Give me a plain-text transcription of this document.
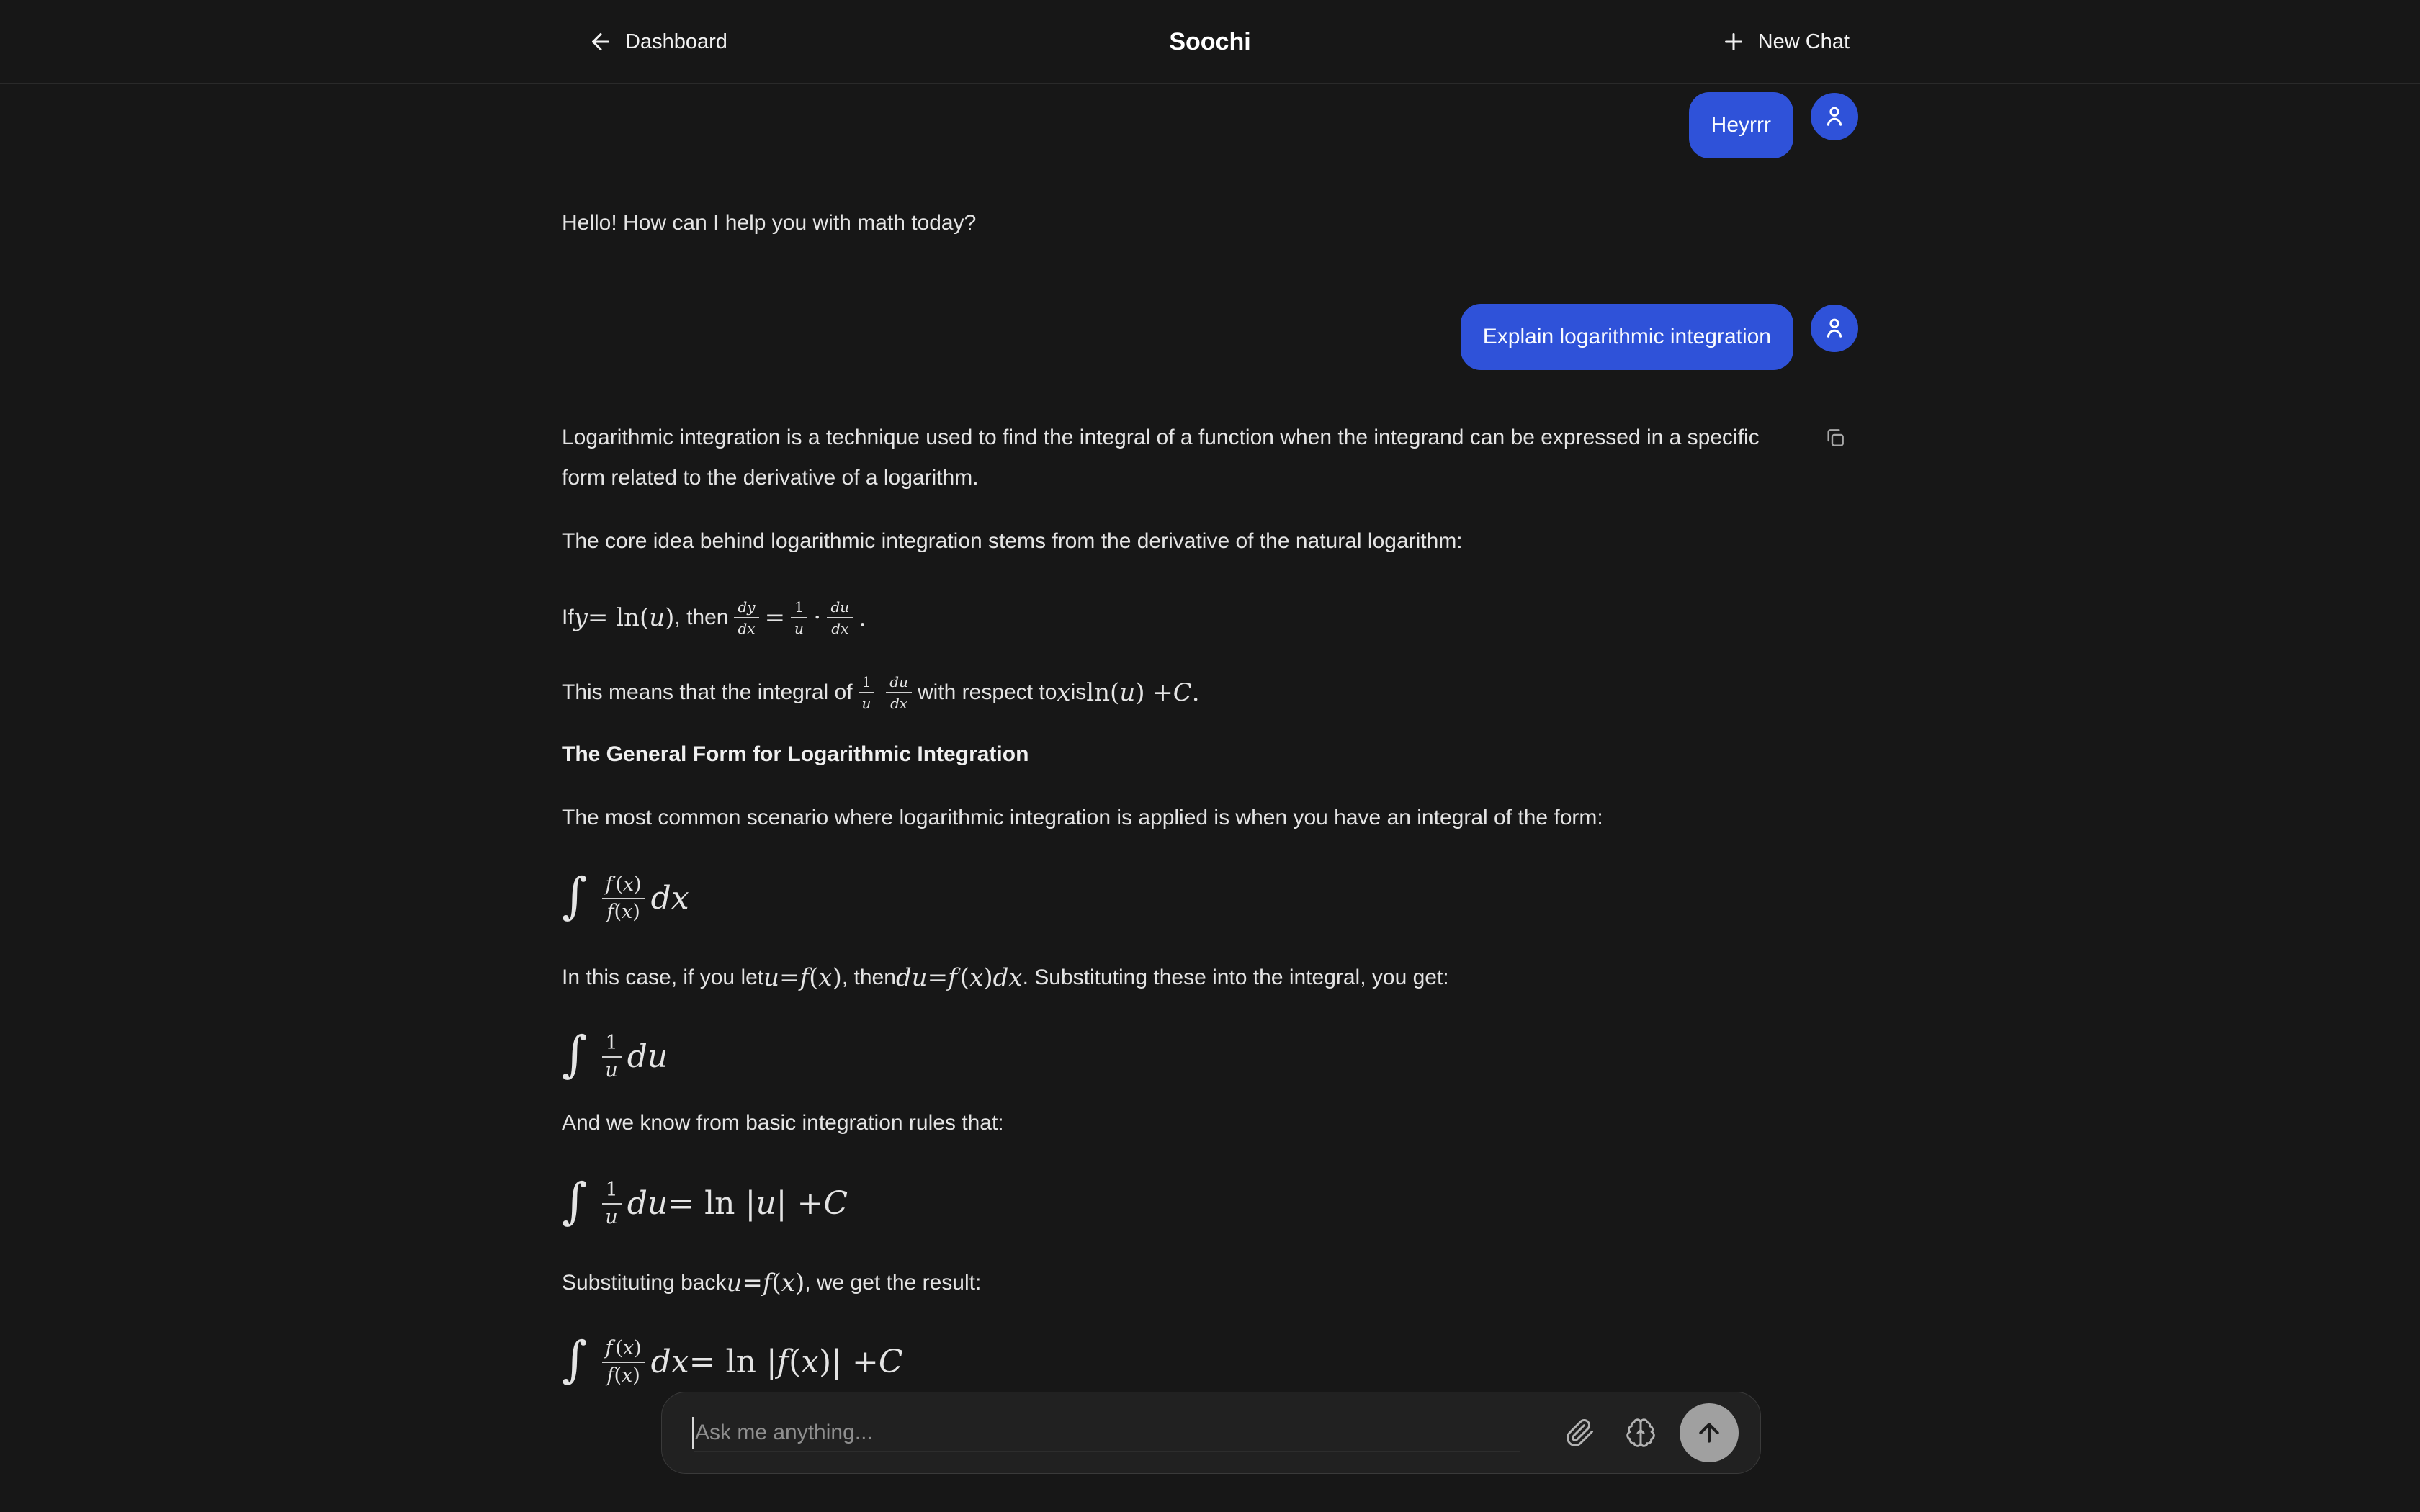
Dashboard	Soochi	New Chat
Heyrrr
Hello! How can I help you with math today?
Explain logarithmic integration
Logarithmic integration is a technique used to find the integral of a function when the integrand can be expressed in a specific form related to the derivative of a logarithm.
The core idea behind logarithmic integration stems from the derivative of the natural logarithm:
If y = ln( u ) , then $\frac{dy}{dx} = \frac{1}{u}$ ⋅ du
dx .
This means that the integral of 1
u
du
dx with respect to x is ln( u ) + C .
The General Form for Logarithmic Integration
The most common scenario where logarithmic integration is applied is when you have an integral of the form:
∫ f ′ ( x )
f ( x ) dx
In this case, if you let u = f ( x ) , then du = f ′ ( x ) dx . Substituting these into the integral, you get:
∫ 1
u du
And we know from basic integration rules that:
∫ 1
u du = ln | u | + C
Substituting back u = f ( x ) , we get the result:
∫ f ′ ( x )
f ( x ) dx = ln | f ( x )| + C
Ask me anything...
